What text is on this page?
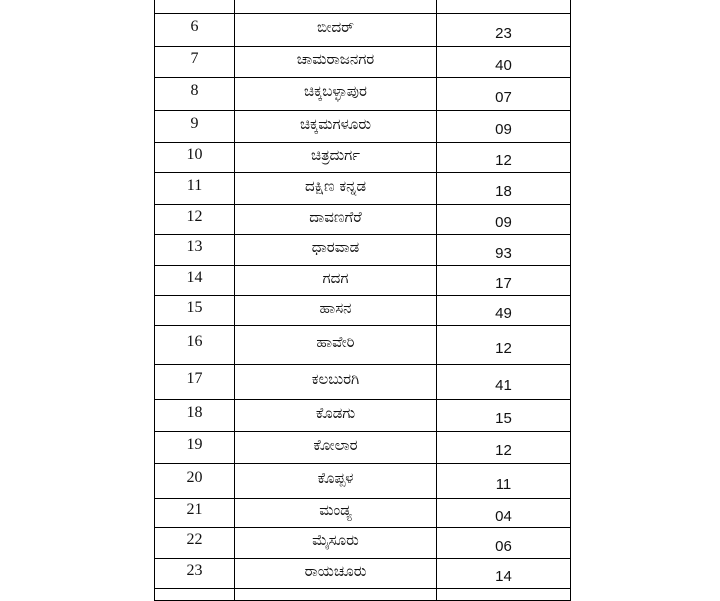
6	ಬೀದರ್	23

7	ಚಾಮರಾಜನಗರ	40

8	ಚಿಕ್ಕಬಳ್ಳಾಪುರ	07

9	ಚಿಕ್ಕಮಗಳೂರು	09

10	ಚಿತ್ರದುರ್ಗ	12

11	ದಕ್ಷಿಣ ಕನ್ನಡ	18

12	ದಾವಣಗೆರೆ	09

13	ಧಾರವಾಡ	93

14	ಗದಗ	17

15	ಹಾಸನ	49

16	ಹಾವೇರಿ	12

17	ಕಲಬುರಗಿ	41

18	ಕೊಡಗು	15

19	ಕೋಲಾರ	12

20	ಕೊಪ್ಪಳ	11

21	ಮಂಡ್ಯ	04

22	ಮೈಸೂರು	06

23	ರಾಯಚೂರು	14
